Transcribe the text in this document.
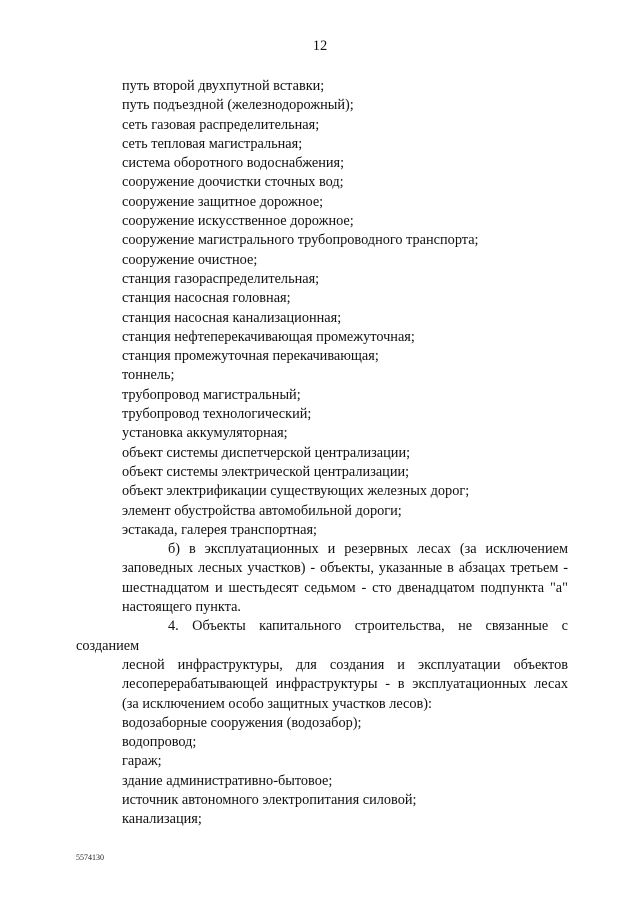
12
путь второй двухпутной вставки;
путь подъездной (железнодорожный);
сеть газовая распределительная;
сеть тепловая магистральная;
система оборотного водоснабжения;
сооружение доочистки сточных вод;
сооружение защитное дорожное;
сооружение искусственное дорожное;
сооружение магистрального трубопроводного транспорта;
сооружение очистное;
станция газораспределительная;
станция насосная головная;
станция насосная канализационная;
станция нефтеперекачивающая промежуточная;
станция промежуточная перекачивающая;
тоннель;
трубопровод магистральный;
трубопровод технологический;
установка аккумуляторная;
объект системы диспетчерской централизации;
объект системы электрической централизации;
объект электрификации существующих железных дорог;
элемент обустройства автомобильной дороги;
эстакада, галерея транспортная;
б) в эксплуатационных и резервных лесах (за исключением
заповедных лесных участков) - объекты, указанные в абзацах третьем -
шестнадцатом и шестьдесят седьмом - сто двенадцатом подпункта "а"
настоящего пункта.
4. Объекты капитального строительства, не связанные с созданием
лесной инфраструктуры, для создания и эксплуатации объектов
лесоперерабатывающей инфраструктуры - в эксплуатационных лесах
(за исключением особо защитных участков лесов):
водозаборные сооружения (водозабор);
водопровод;
гараж;
здание административно-бытовое;
источник автономного электропитания силовой;
канализация;
5574130
